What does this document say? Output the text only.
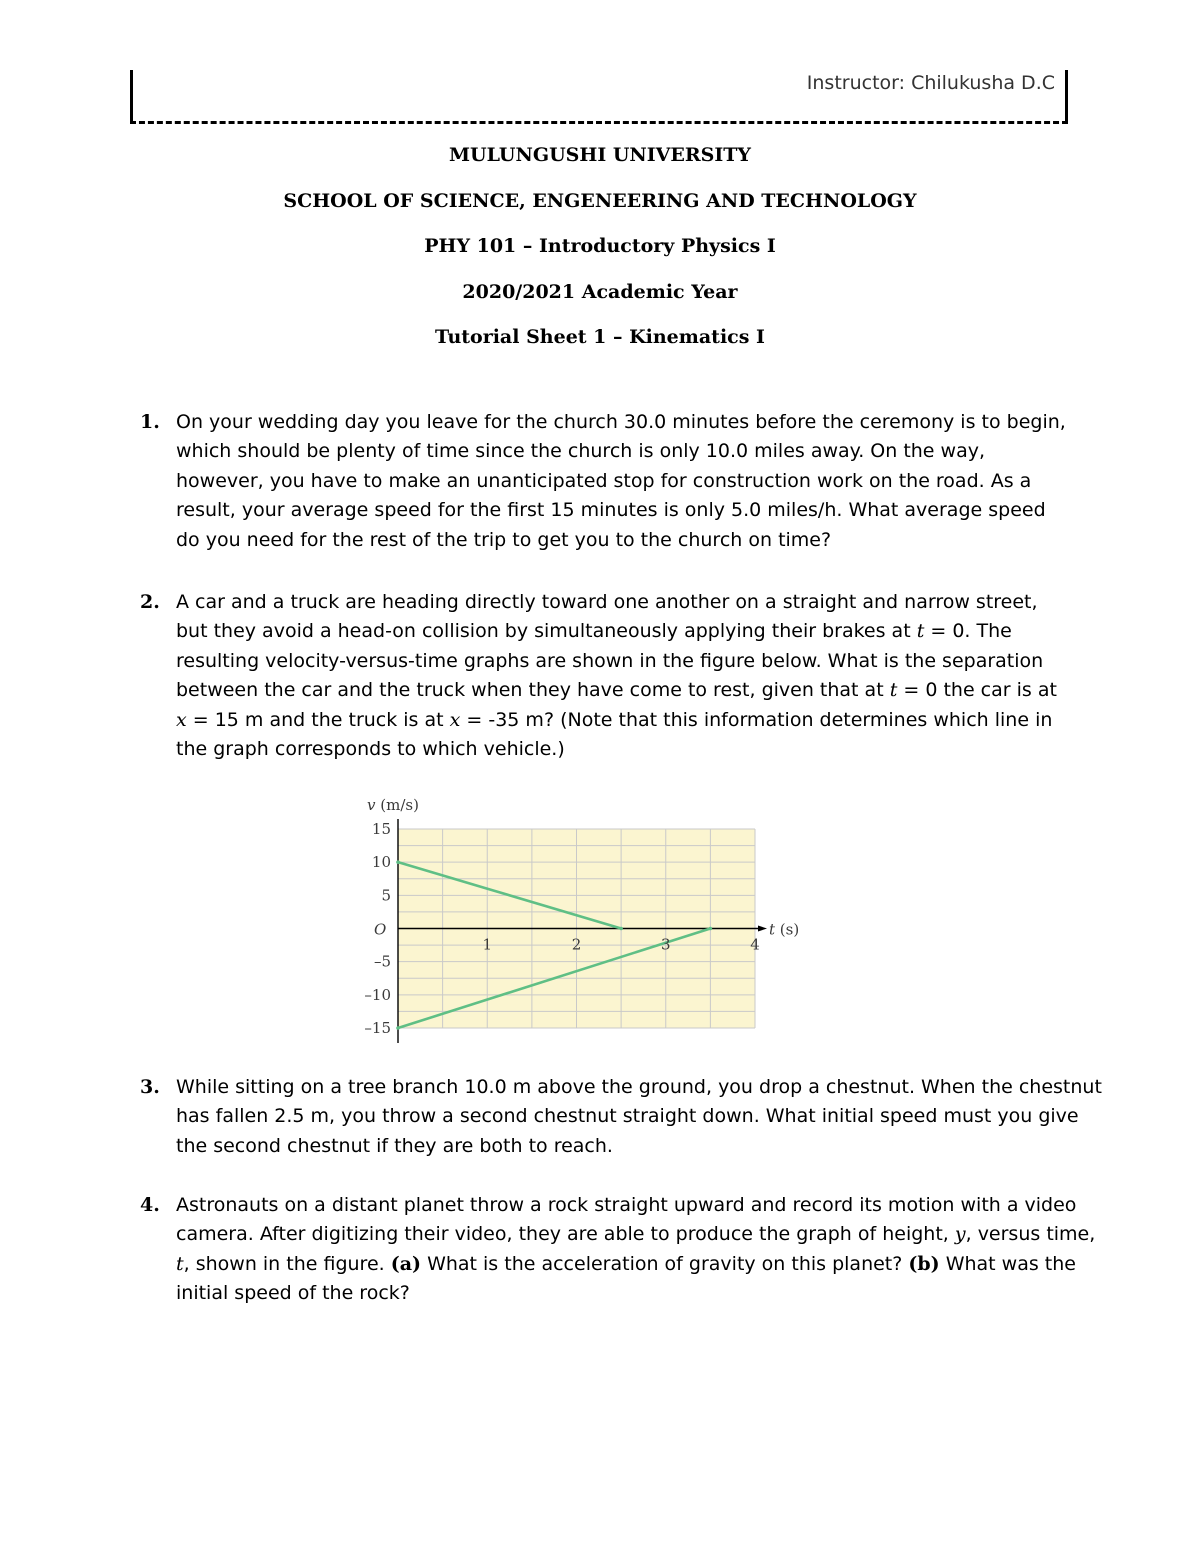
Instructor: Chilukusha D.C
MULUNGUSHI UNIVERSITY
SCHOOL OF SCIENCE, ENGENEERING AND TECHNOLOGY
PHY 101 – Introductory Physics I
2020/2021 Academic Year
Tutorial Sheet 1 – Kinematics I
1. On your wedding day you leave for the church 30.0 minutes before the ceremony is to begin, which should be plenty of time since the church is only 10.0 miles away. On the way, however, you have to make an unanticipated stop for construction work on the road. As a result, your average speed for the first 15 minutes is only 5.0 miles/h. What average speed do you need for the rest of the trip to get you to the church on time?
2. A car and a truck are heading directly toward one another on a straight and narrow street, but they avoid a head-on collision by simultaneously applying their brakes at t = 0. The resulting velocity-versus-time graphs are shown in the figure below. What is the separation between the car and the truck when they have come to rest, given that at t = 0 the car is at x = 15 m and the truck is at x = -35 m? (Note that this information determines which line in the graph corresponds to which vehicle.)
v (m/s)
t (s)
O
15
10
5
–5
–10
–15
1	2	3	4
3. While sitting on a tree branch 10.0 m above the ground, you drop a chestnut. When the chestnut has fallen 2.5 m, you throw a second chestnut straight down. What initial speed must you give the second chestnut if they are both to reach.
4. Astronauts on a distant planet throw a rock straight upward and record its motion with a video camera. After digitizing their video, they are able to produce the graph of height, y, versus time, t, shown in the figure. (a) What is the acceleration of gravity on this planet? (b) What was the initial speed of the rock?
